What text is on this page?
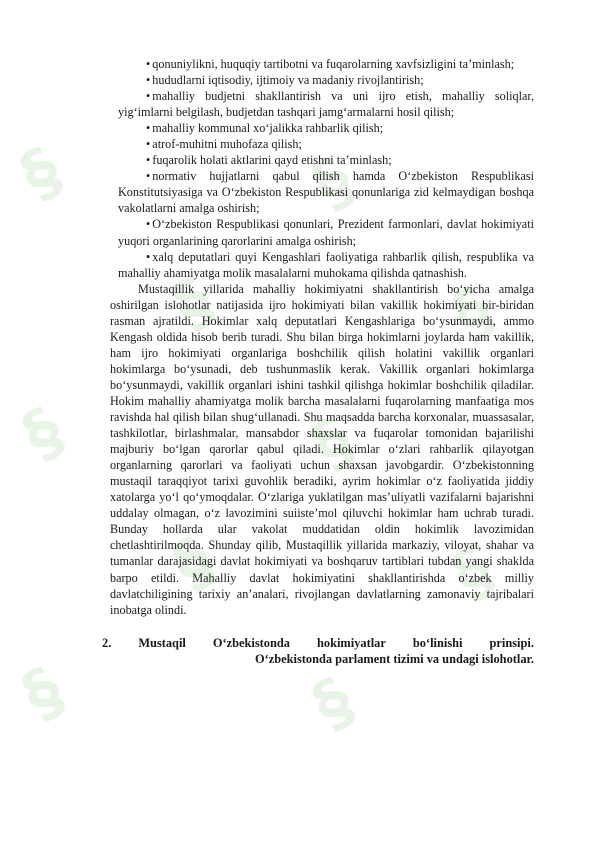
§
§
§
§
§
§
§
§
§
§

• qonuniylikni, huquqiy tartibotni va fuqarolarning xavfsizligini ta’minlash;

• hududlarni iqtisodiy, ijtimoiy va madaniy rivojlantirish;

• mahalliy budjetni shakllantirish va uni ijro etish, mahalliy soliqlar, yig‘imlarni belgilash, budjetdan tashqari jamg‘armalarni hosil qilish;

• mahalliy kommunal xo‘jalikka rahbarlik qilish;

• atrof-muhitni muhofaza qilish;

• fuqarolik holati aktlarini qayd etishni ta’minlash;

• normativ hujjatlarni qabul qilish hamda O‘zbekiston Respublikasi Konstitutsiyasiga va O‘zbekiston Respublikasi qonunlariga zid kelmaydigan boshqa vakolatlarni amalga oshirish;

• O‘zbekiston Respublikasi qonunlari, Prezident farmonlari, davlat hokimiyati yuqori organlarining qarorlarini amalga oshirish;

• xalq deputatlari quyi Kengashlari faoliyatiga rahbarlik qilish, respublika va mahalliy ahamiyatga molik masalalarni muhokama qilishda qatnashish.

Mustaqillik yillarida mahalliy hokimiyatni shakllantirish bo‘yicha amalga oshirilgan islohotlar natijasida ijro hokimiyati bilan vakillik hokimiyati bir-biridan rasman ajratildi. Hokimlar xalq deputatlari Kengashlariga bo‘ysunmaydi, ammo Kengash oldida hisob berib turadi. Shu bilan birga hokimlarni joylarda ham vakillik, ham ijro hokimiyati organlariga boshchilik qilish holatini vakillik organlari hokimlarga bo‘ysunadi, deb tushunmaslik kerak. Vakillik organlari hokimlarga bo‘ysunmaydi, vakillik organlari ishini tashkil qilishga hokimlar boshchilik qiladilar. Hokim mahalliy ahamiyatga molik barcha masalalarni fuqarolarning manfaatiga mos ravishda hal qilish bilan shug‘ullanadi. Shu maqsadda barcha korxonalar, muassasalar, tashkilotlar, birlashmalar, mansabdor shaxslar va fuqarolar tomonidan bajarilishi majburiy bo‘lgan qarorlar qabul qiladi. Hokimlar o‘zlari rahbarlik qilayotgan organlarning qarorlari va faoliyati uchun shaxsan javobgardir. O‘zbekistonning mustaqil taraqqiyot tarixi guvohlik beradiki, ayrim hokimlar o‘z faoliyatida jiddiy xatolarga yo‘l qo‘ymoqdalar. O‘zlariga yuklatilgan mas’uliyatli vazifalarni bajarishni uddalay olmagan, o‘z lavozimini suiiste’mol qiluvchi hokimlar ham uchrab turadi. Bunday hollarda ular vakolat muddatidan oldin hokimlik lavozimidan chetlashtirilmoqda. Shunday qilib, Mustaqillik yillarida markaziy, viloyat, shahar va tumanlar darajasidagi davlat hokimiyati va boshqaruv tartiblari tubdan yangi shaklda barpo etildi. Mahalliy davlat hokimiyatini shakllantirishda o‘zbek milliy davlatchiligining tarixiy an’analari, rivojlangan davlatlarning zamonaviy tajribalari inobatga olindi.

2. Mustaqil O‘zbekistonda hokimiyatlar bo‘linishi prinsipi.
O‘zbekistonda parlament tizimi va undagi islohotlar.
